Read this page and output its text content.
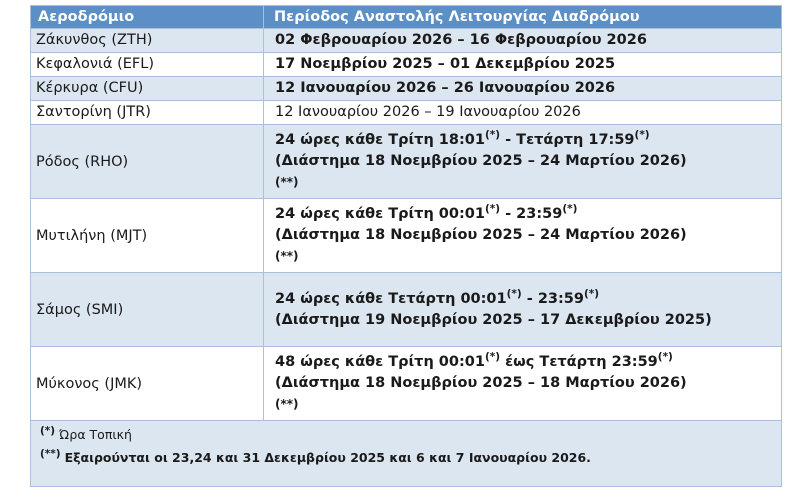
Αεροδρόμιο	Περίοδος Αναστολής Λειτουργίας Διαδρόμου
Ζάκυνθος (ZTH)	02 Φεβρουαρίου 2026 – 16 Φεβρουαρίου 2026
Κεφαλονιά (EFL)	17 Νοεμβρίου 2025 – 01 Δεκεμβρίου 2025
Κέρκυρα (CFU)	12 Ιανουαρίου 2026 – 26 Ιανουαρίου 2026
Σαντορίνη (JTR)	12 Ιανουαρίου 2026 – 19 Ιανουαρίου 2026
Ρόδος (RHO)	24 ώρες κάθε Τρίτη 18:01(*) - Τετάρτη 17:59(*)
(Διάστημα 18 Νοεμβρίου 2025 – 24 Μαρτίου 2026)
(**)
Μυτιλήνη (MJT)	24 ώρες κάθε Τρίτη 00:01(*) - 23:59(*)
(Διάστημα 18 Νοεμβρίου 2025 – 24 Μαρτίου 2026)
(**)
Σάμος (SMI)	24 ώρες κάθε Τετάρτη 00:01(*) - 23:59(*)
(Διάστημα 19 Νοεμβρίου 2025 – 17 Δεκεμβρίου 2025)
Μύκονος (JMK)	48 ώρες κάθε Τρίτη 00:01(*) έως Τετάρτη 23:59(*)
(Διάστημα 18 Νοεμβρίου 2025 – 18 Μαρτίου 2026)
(**)

(*) Ώρα Τοπική
(**) Εξαιρούνται οι 23,24 και 31 Δεκεμβρίου 2025 και 6 και 7 Ιανουαρίου 2026.	
